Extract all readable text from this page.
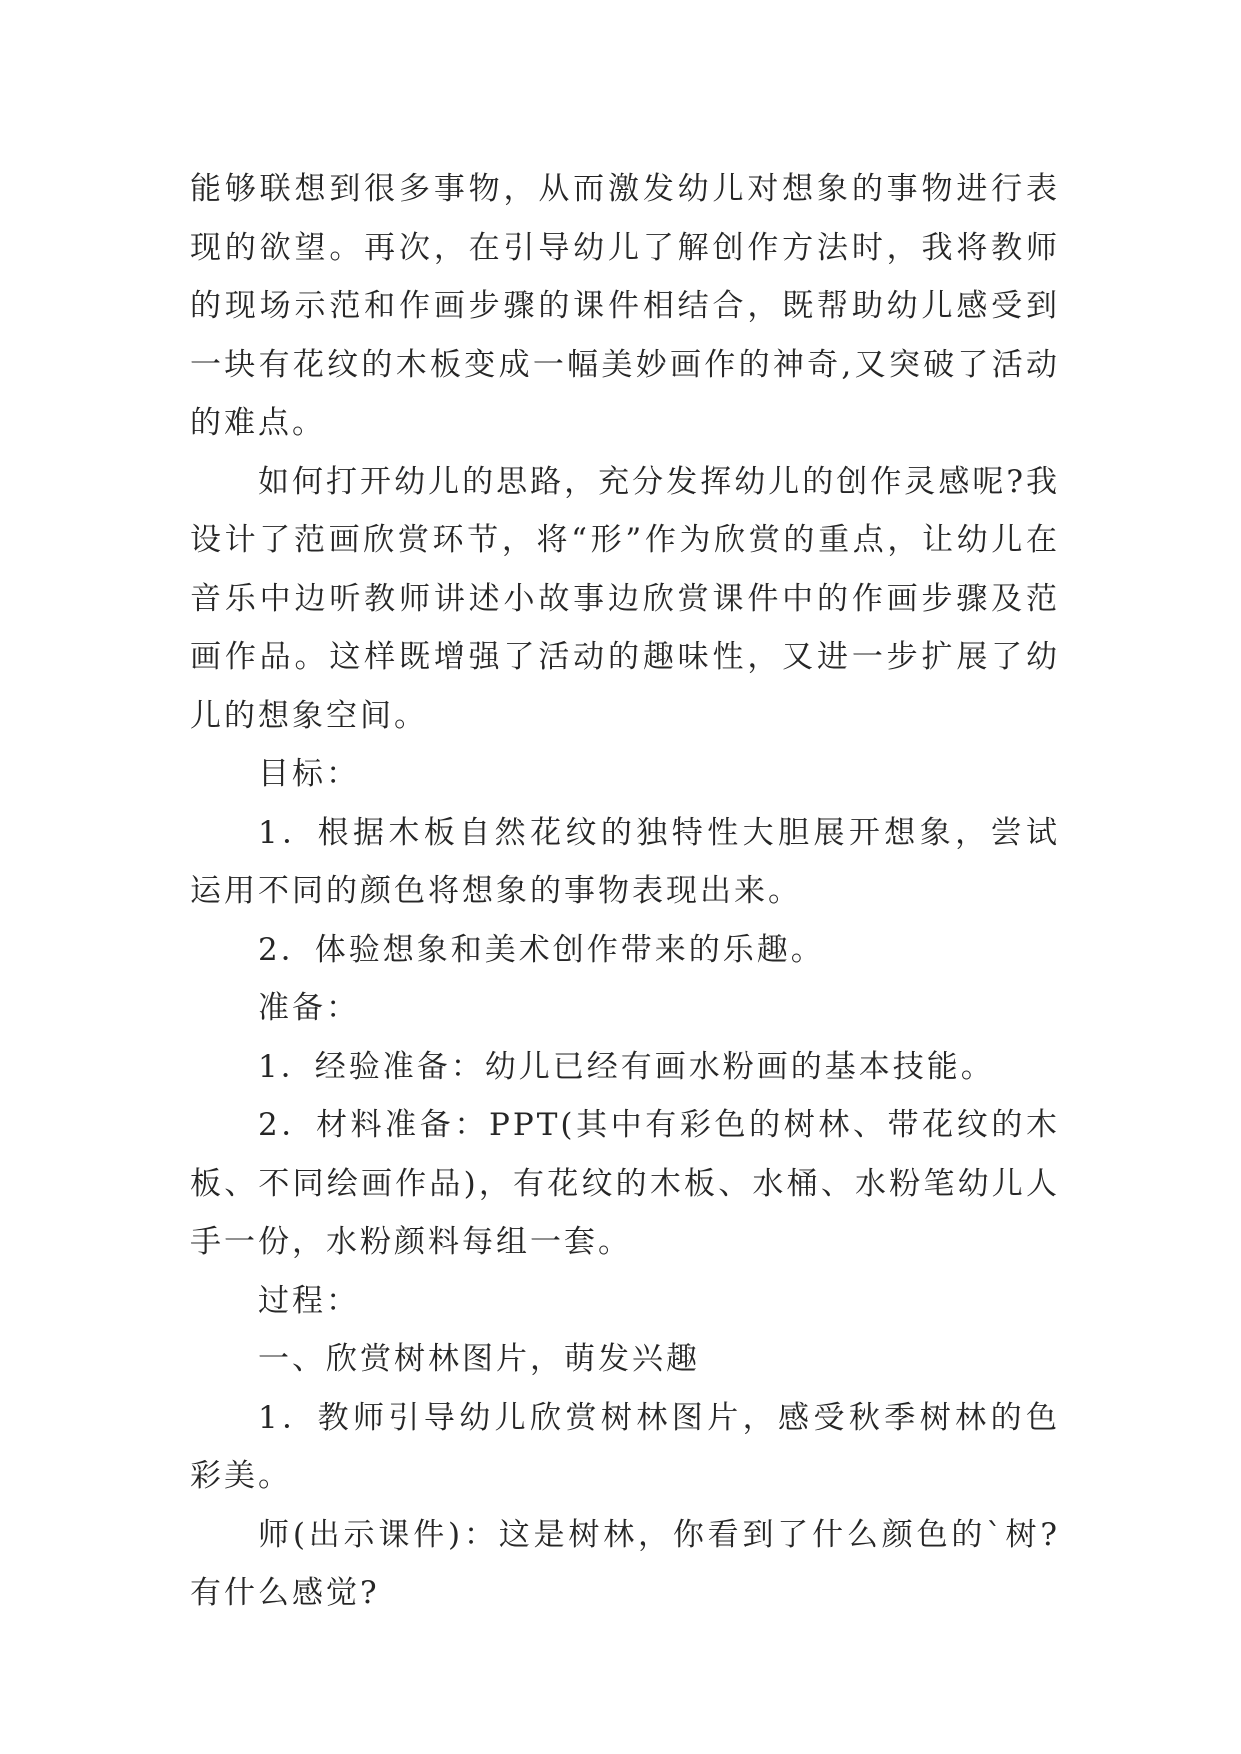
能够联想到很多事物，从而激发幼儿对想象的事物进行表现的欲望。再次，在引导幼儿了解创作方法时，我将教师的现场示范和作画步骤的课件相结合，既帮助幼儿感受到一块有花纹的木板变成一幅美妙画作的神奇,又突破了活动的难点。

如何打开幼儿的思路，充分发挥幼儿的创作灵感呢?我设计了范画欣赏环节，将“形”作为欣赏的重点，让幼儿在音乐中边听教师讲述小故事边欣赏课件中的作画步骤及范画作品。这样既增强了活动的趣味性，又进一步扩展了幼儿的想象空间。

目标：

1．根据木板自然花纹的独特性大胆展开想象，尝试运用不同的颜色将想象的事物表现出来。

2．体验想象和美术创作带来的乐趣。

准备：

1．经验准备：幼儿已经有画水粉画的基本技能。

2．材料准备：PPT(其中有彩色的树林、带花纹的木板、不同绘画作品)，有花纹的木板、水桶、水粉笔幼儿人手一份，水粉颜料每组一套。

过程：

一、欣赏树林图片，萌发兴趣

1．教师引导幼儿欣赏树林图片，感受秋季树林的色彩美。

师(出示课件)：这是树林，你看到了什么颜色的`树?有什么感觉?
